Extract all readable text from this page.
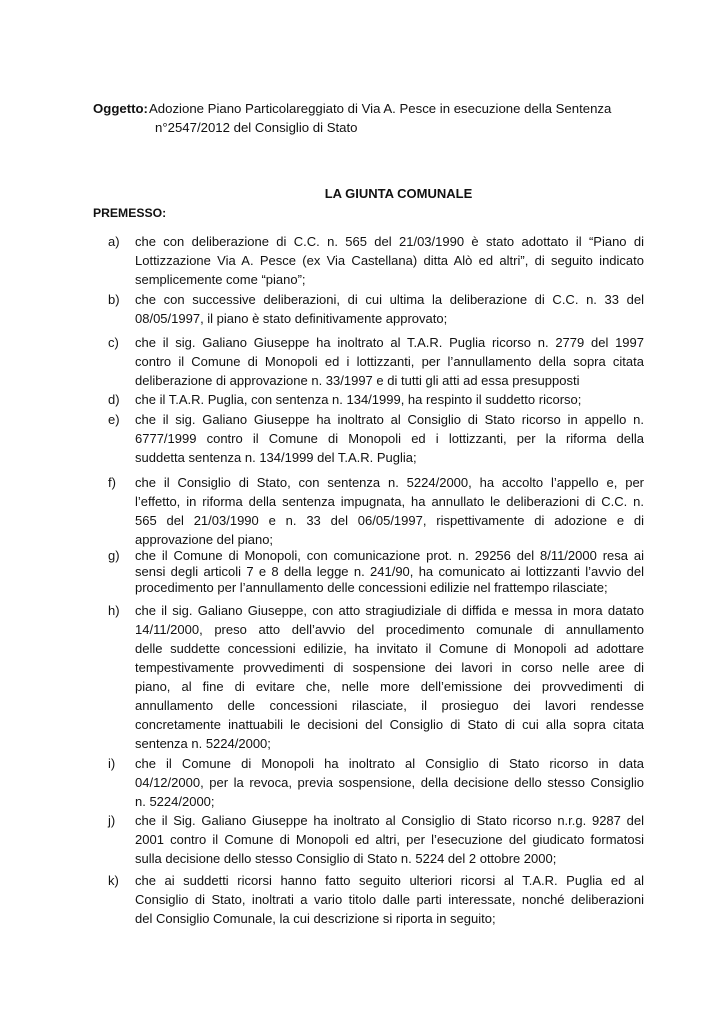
Oggetto: Adozione Piano Particolareggiato di Via A. Pesce in esecuzione della Sentenza
n°2547/2012 del Consiglio di Stato
LA GIUNTA COMUNALE
PREMESSO:
a)	che con deliberazione di C.C. n. 565 del 21/03/1990 è stato adottato il “Piano di
Lottizzazione Via A. Pesce (ex Via Castellana) ditta Alò ed altri”, di seguito indicato
semplicemente come “piano”;
b)	che con successive deliberazioni, di cui ultima la deliberazione di C.C. n. 33 del
08/05/1997, il piano è stato definitivamente approvato;
c)	che il sig. Galiano Giuseppe ha inoltrato al T.A.R. Puglia ricorso n. 2779 del 1997
contro il Comune di Monopoli ed i lottizzanti, per l’annullamento della sopra citata
deliberazione di approvazione n. 33/1997 e di tutti gli atti ad essa presupposti
d)	che il T.A.R. Puglia, con sentenza n. 134/1999, ha respinto il suddetto ricorso;
e)	che il sig. Galiano Giuseppe ha inoltrato al Consiglio di Stato ricorso in appello n.
6777/1999 contro il Comune di Monopoli ed i lottizzanti, per la riforma della
suddetta sentenza n. 134/1999 del T.A.R. Puglia;
f)	che il Consiglio di Stato, con sentenza n. 5224/2000, ha accolto l’appello e, per
l’effetto, in riforma della sentenza impugnata, ha annullato le deliberazioni di C.C. n.
565 del 21/03/1990 e n. 33 del 06/05/1997, rispettivamente di adozione e di
approvazione del piano;
g)	che il Comune di Monopoli, con comunicazione prot. n. 29256 del 8/11/2000 resa ai
sensi degli articoli 7 e 8 della legge n. 241/90, ha comunicato ai lottizzanti l’avvio del
procedimento per l’annullamento delle concessioni edilizie nel frattempo rilasciate;
h)	che il sig. Galiano Giuseppe, con atto stragiudiziale di diffida e messa in mora datato
14/11/2000, preso atto dell’avvio del procedimento comunale di annullamento
delle suddette concessioni edilizie, ha invitato il Comune di Monopoli ad adottare
tempestivamente provvedimenti di sospensione dei lavori in corso nelle aree di
piano, al fine di evitare che, nelle more dell’emissione dei provvedimenti di
annullamento delle concessioni rilasciate, il prosieguo dei lavori rendesse
concretamente inattuabili le decisioni del Consiglio di Stato di cui alla sopra citata
sentenza n. 5224/2000;
i)	che il Comune di Monopoli ha inoltrato al Consiglio di Stato ricorso in data
04/12/2000, per la revoca, previa sospensione, della decisione dello stesso Consiglio
n. 5224/2000;
j)	che il Sig. Galiano Giuseppe ha inoltrato al Consiglio di Stato ricorso n.r.g. 9287 del
2001 contro il Comune di Monopoli ed altri, per l’esecuzione del giudicato formatosi
sulla decisione dello stesso Consiglio di Stato n. 5224 del 2 ottobre 2000;
k)	che ai suddetti ricorsi hanno fatto seguito ulteriori ricorsi al T.A.R. Puglia ed al
Consiglio di Stato, inoltrati a vario titolo dalle parti interessate, nonché deliberazioni
del Consiglio Comunale, la cui descrizione si riporta in seguito;
